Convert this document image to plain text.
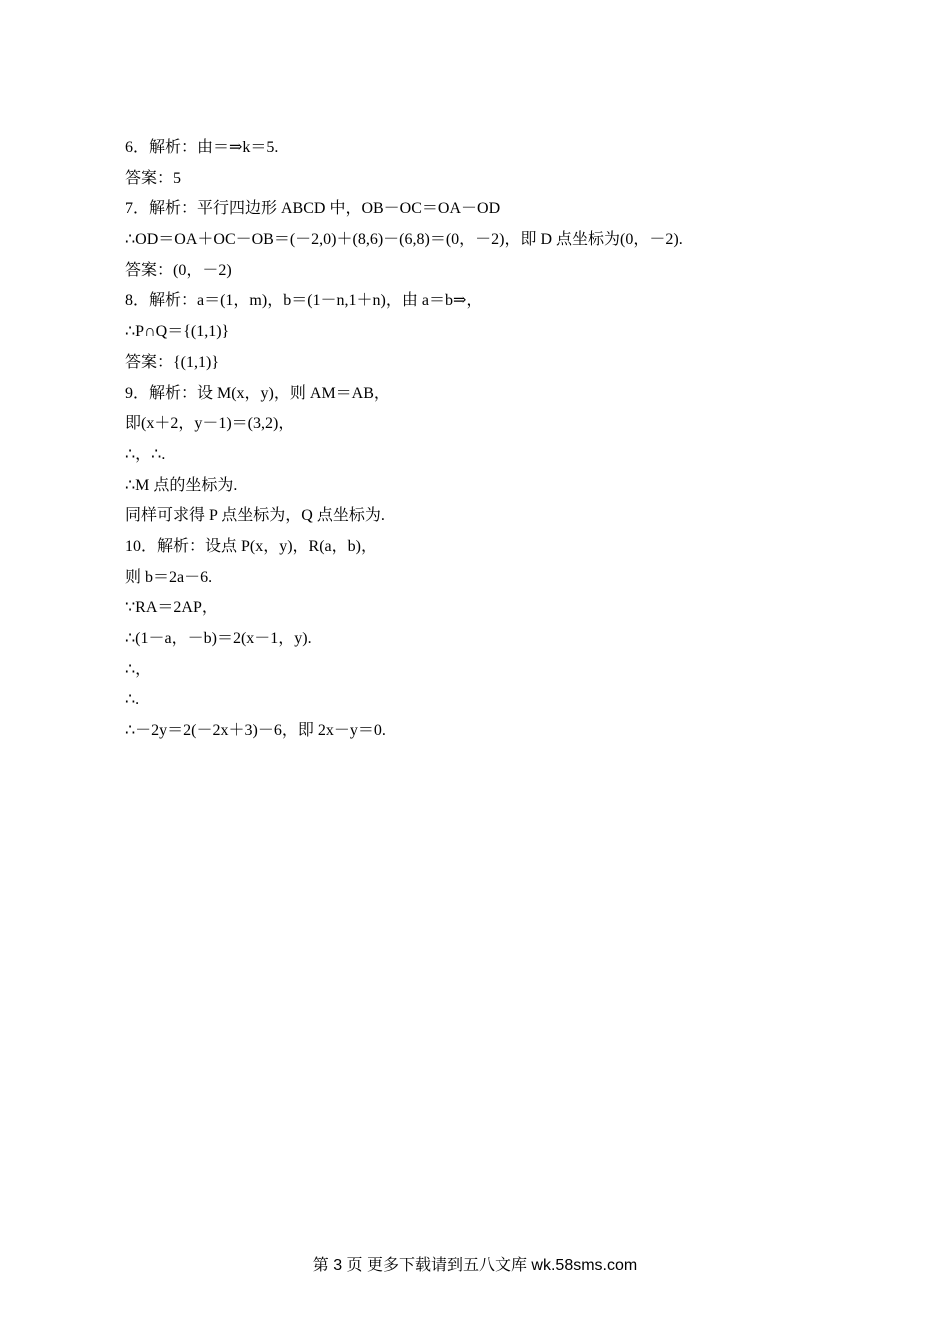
6．解析：由＝⇒k＝5.
答案：5
7．解析：平行四边形 ABCD 中，OB－OC＝OA－OD
∴OD＝OA＋OC－OB＝(－2,0)＋(8,6)－(6,8)＝(0，－2)，即 D 点坐标为(0，－2).
答案：(0，－2)
8．解析：a＝(1，m)，b＝(1－n,1＋n)，由 a＝b⇒，
∴P∩Q＝{(1,1)}
答案：{(1,1)}
9．解析：设 M(x，y)，则 AM＝AB，
即(x＋2，y－1)＝(3,2)，
∴，∴.
∴M 点的坐标为.
同样可求得 P 点坐标为，Q 点坐标为.
10．解析：设点 P(x，y)，R(a，b)，
则 b＝2a－6.
∵RA＝2AP，
∴(1－a，－b)＝2(x－1，y).
∴，
∴.
∴－2y＝2(－2x＋3)－6，即 2x－y＝0.
第 3 页 更多下载请到五八文库 wk.58sms.com
